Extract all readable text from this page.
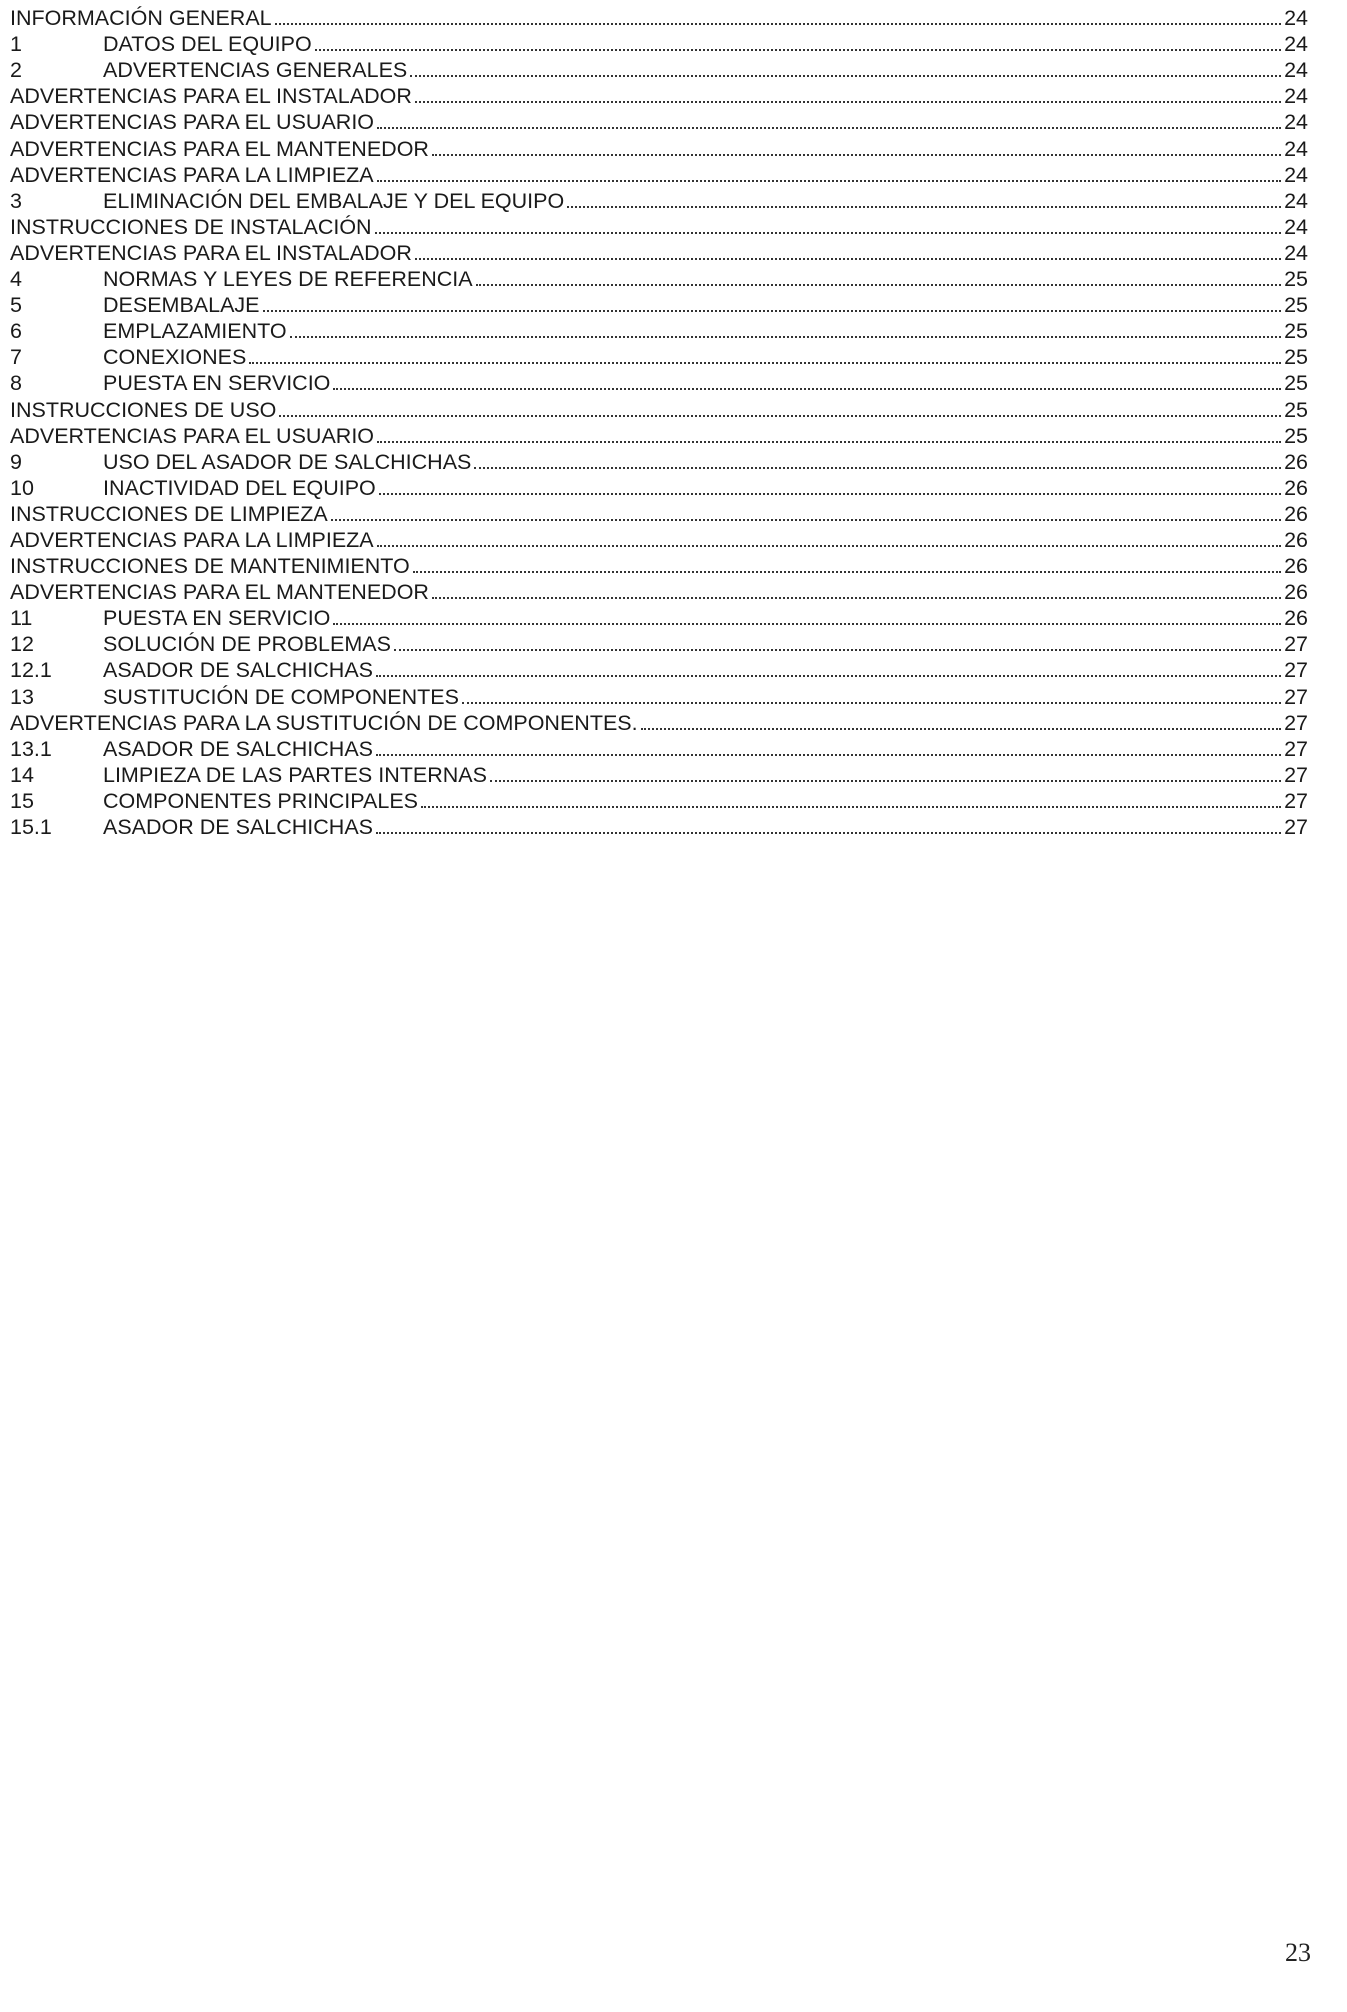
INFORMACIÓN GENERAL	24
1	DATOS DEL EQUIPO	24
2	ADVERTENCIAS GENERALES	24
ADVERTENCIAS PARA EL INSTALADOR	24
ADVERTENCIAS PARA EL USUARIO	24
ADVERTENCIAS PARA EL MANTENEDOR	24
ADVERTENCIAS PARA LA LIMPIEZA	24
3	ELIMINACIÓN DEL EMBALAJE Y DEL EQUIPO	24
INSTRUCCIONES DE INSTALACIÓN	24
ADVERTENCIAS PARA EL INSTALADOR	24
4	NORMAS Y LEYES DE REFERENCIA	25
5	DESEMBALAJE	25
6	EMPLAZAMIENTO	25
7	CONEXIONES	25
8	PUESTA EN SERVICIO	25
INSTRUCCIONES DE USO	25
ADVERTENCIAS PARA EL USUARIO	25
9	USO DEL ASADOR DE SALCHICHAS	26
10	INACTIVIDAD DEL EQUIPO	26
INSTRUCCIONES DE LIMPIEZA	26
ADVERTENCIAS PARA LA LIMPIEZA	26
INSTRUCCIONES DE MANTENIMIENTO	26
ADVERTENCIAS PARA EL MANTENEDOR	26
11	PUESTA EN SERVICIO	26
12	SOLUCIÓN DE PROBLEMAS	27
12.1	ASADOR DE SALCHICHAS	27
13	SUSTITUCIÓN DE COMPONENTES	27
ADVERTENCIAS PARA LA SUSTITUCIÓN DE COMPONENTES.	27
13.1	ASADOR DE SALCHICHAS	27
14	LIMPIEZA DE LAS PARTES INTERNAS	27
15	COMPONENTES PRINCIPALES	27
15.1	ASADOR DE SALCHICHAS	27
23
